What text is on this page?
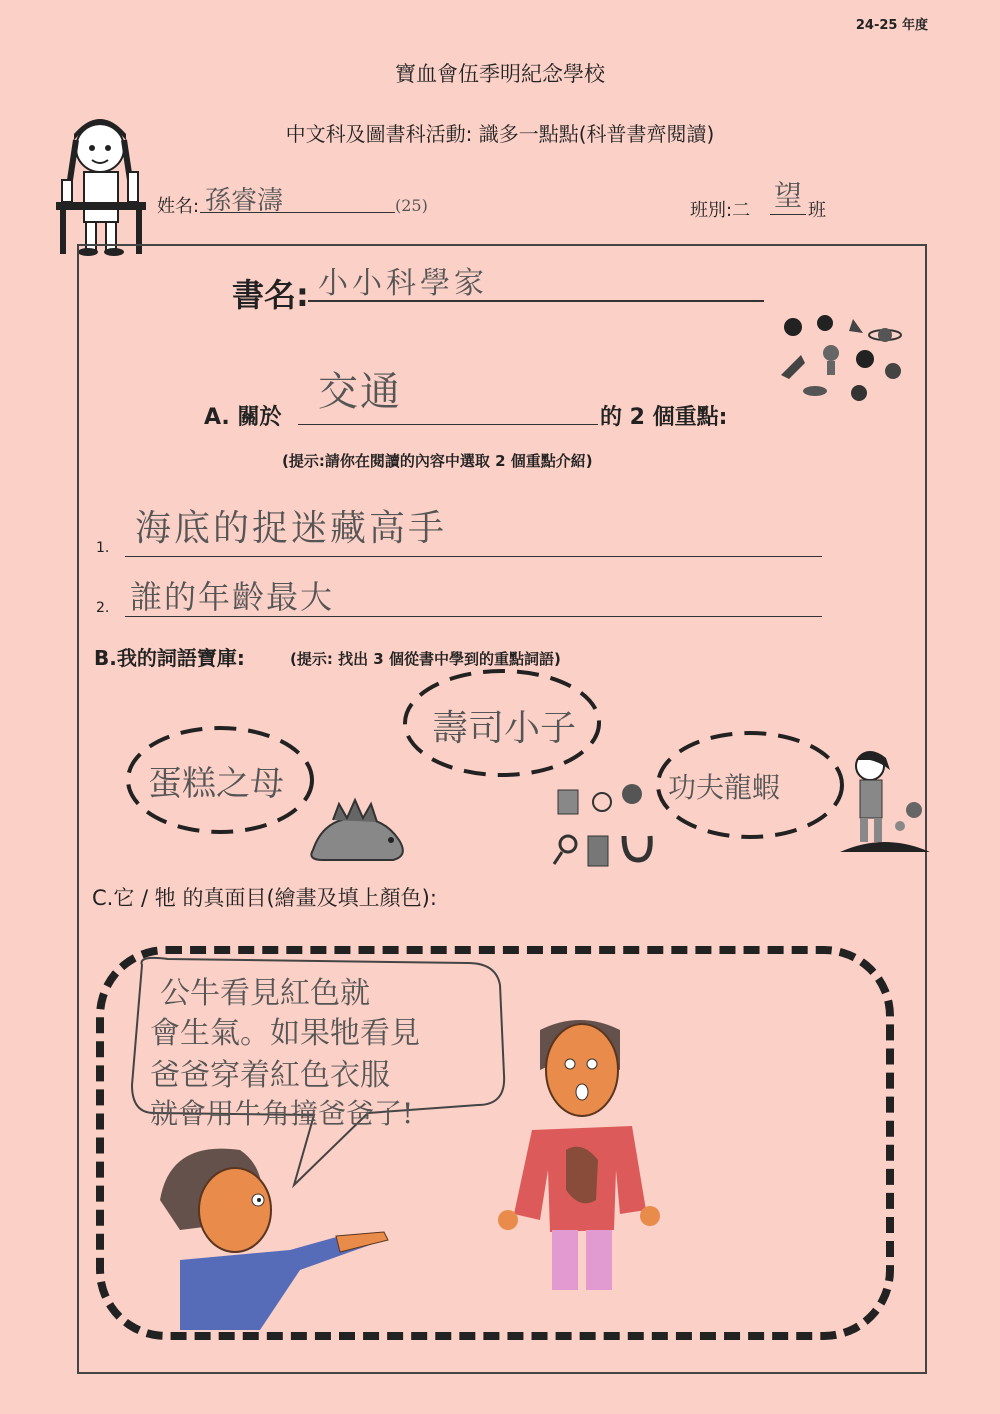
24-25 年度
寶血會伍季明紀念學校
中文科及圖書科活動: 識多一點點(科普書齊閱讀)
姓名: 孫睿濤	(25)	班別:二 望 班
書名: 小小科學家
交通
A. 關於	的 2 個重點:
(提示:請你在閱讀的內容中選取 2 個重點介紹)
1. 海底的捉迷藏高手
2. 誰的年齡最大
B.我的詞語寶庫:	(提示: 找出 3 個從書中學到的重點詞語)
蛋糕之母
壽司小子
功夫龍蝦
C.它 / 牠 的真面目(繪畫及填上顏色):
公牛看見紅色就
會生氣。如果牠看見
爸爸穿着紅色衣服
就會用牛角撞爸爸了!
